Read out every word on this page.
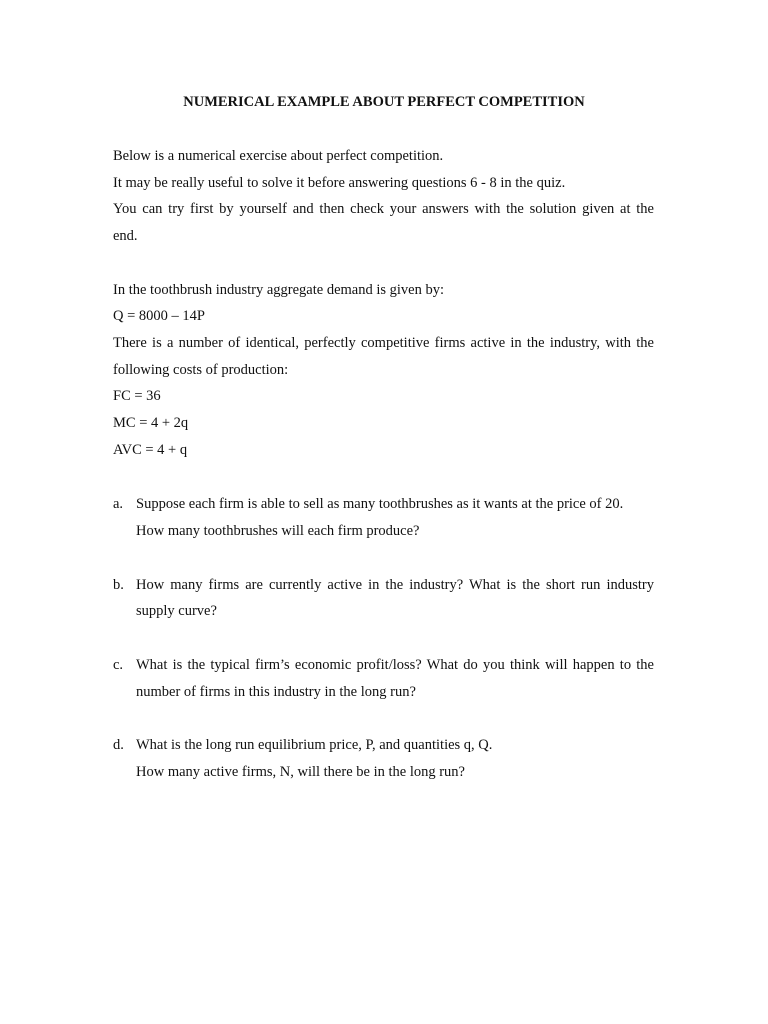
NUMERICAL EXAMPLE ABOUT PERFECT COMPETITION
Below is a numerical exercise about perfect competition.
It may be really useful to solve it before answering questions 6 - 8 in the quiz.
You can try first by yourself and then check your answers with the solution given at the
end.
In the toothbrush industry aggregate demand is given by:
Q = 8000 – 14P
There is a number of identical, perfectly competitive firms active in the industry, with the
following costs of production:
FC = 36
MC = 4 + 2q
AVC = 4 + q
a. Suppose each firm is able to sell as many toothbrushes as it wants at the price of 20.
How many toothbrushes will each firm produce?
b. How many firms are currently active in the industry? What is the short run industry
supply curve?
c. What is the typical firm’s economic profit/loss? What do you think will happen to the
number of firms in this industry in the long run?
d. What is the long run equilibrium price, P, and quantities q, Q.
How many active firms, N, will there be in the long run?
